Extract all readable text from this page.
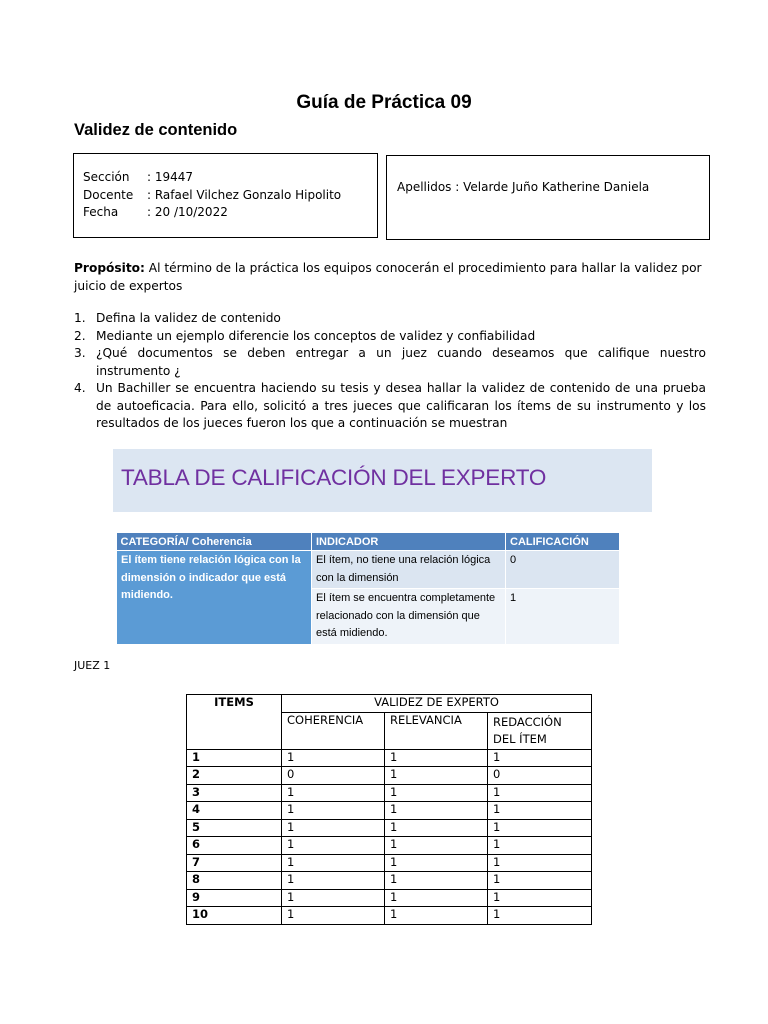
Guía de Práctica 09
Validez de contenido
Sección	: 19447
Docente	: Rafael Vilchez Gonzalo Hipolito
Fecha	: 20 /10/2022
Apellidos : Velarde Juño Katherine Daniela
Propósito: Al término de la práctica los equipos conocerán el procedimiento para hallar la validez por juicio de expertos
1. Defina la validez de contenido
2. Mediante un ejemplo diferencie los conceptos de validez y confiabilidad
3. ¿Qué documentos se deben entregar a un juez cuando deseamos que califique nuestro instrumento ¿
4. Un Bachiller se encuentra haciendo su tesis y desea hallar la validez de contenido de una prueba de autoeficacia. Para ello, solicitó a tres jueces que calificaran los ítems de su instrumento y los resultados de los jueces fueron los que a continuación se muestran
TABLA DE CALIFICACIÓN DEL EXPERTO
CATEGORÍA/ Coherencia	INDICADOR	CALIFICACIÓN
El ítem tiene relación lógica con la dimensión o indicador que está midiendo.	El ítem, no tiene una relación lógica con la dimensión	0
	El ítem se encuentra completamente relacionado con la dimensión que está midiendo.	1
JUEZ 1
ITEMS	VALIDEZ DE EXPERTO		
	COHERENCIA	RELEVANCIA	REDACCIÓN DEL ÍTEM
1	1	1	1
2	0	1	0
3	1	1	1
4	1	1	1
5	1	1	1
6	1	1	1
7	1	1	1
8	1	1	1
9	1	1	1
10	1	1	1
